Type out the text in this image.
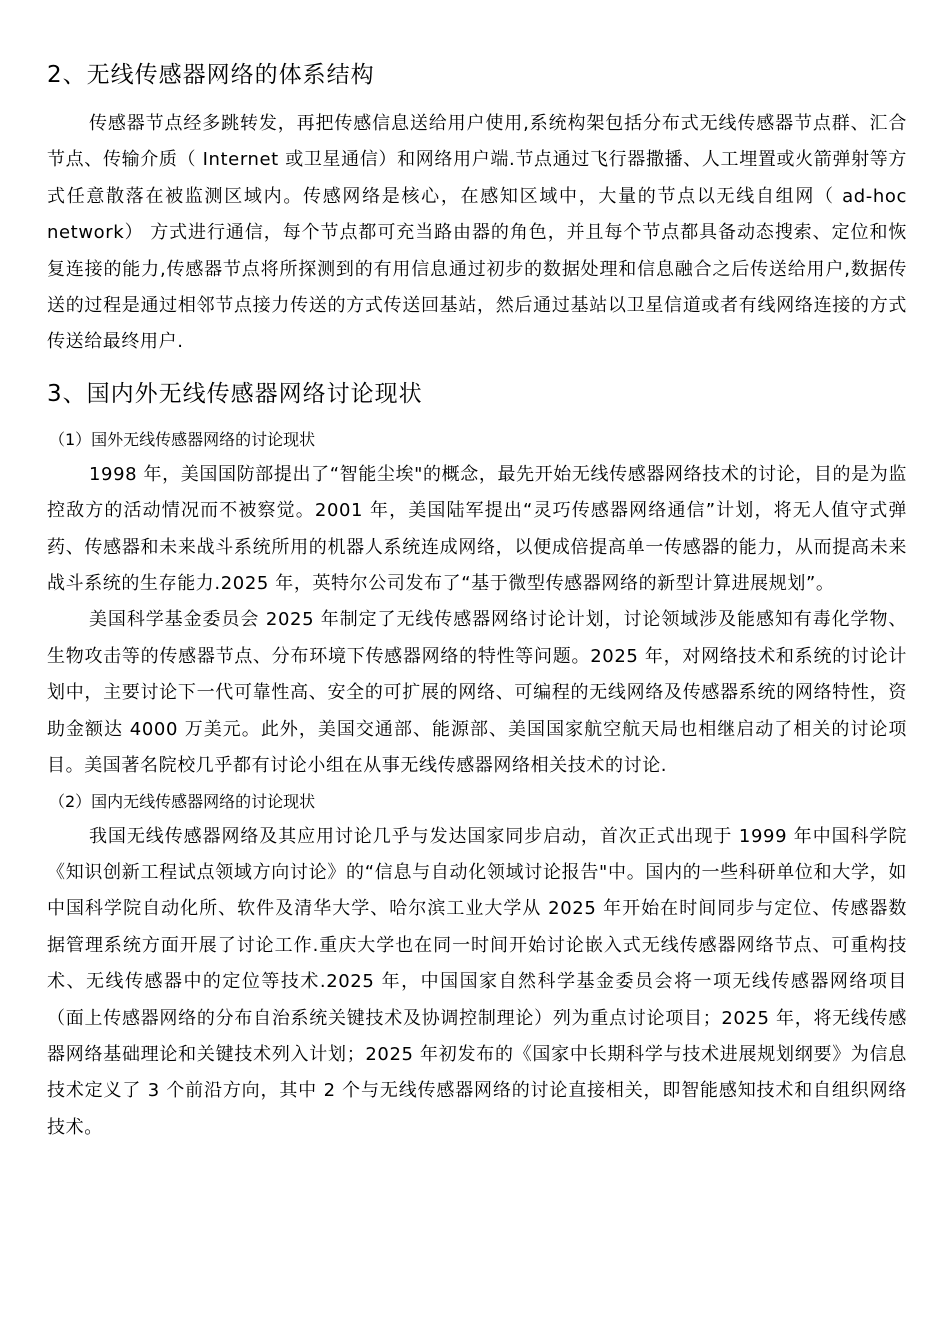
2、无线传感器网络的体系结构

传感器节点经多跳转发，再把传感信息送给用户使用,系统构架包括分布式无线传感器节点群、汇合节点、传输介质（ Internet 或卫星通信）和网络用户端.节点通过飞行器撒播、人工埋置或火箭弹射等方式任意散落在被监测区域内。传感网络是核心，在感知区域中，大量的节点以无线自组网（ ad-hoc network） 方式进行通信，每个节点都可充当路由器的角色，并且每个节点都具备动态搜索、定位和恢复连接的能力,传感器节点将所探测到的有用信息通过初步的数据处理和信息融合之后传送给用户,数据传送的过程是通过相邻节点接力传送的方式传送回基站，然后通过基站以卫星信道或者有线网络连接的方式传送给最终用户.

3、国内外无线传感器网络讨论现状
（1）国外无线传感器网络的讨论现状

1998 年，美国国防部提出了“智能尘埃"的概念，最先开始无线传感器网络技术的讨论，目的是为监控敌方的活动情况而不被察觉。2001 年，美国陆军提出“灵巧传感器网络通信”计划，将无人值守式弹药、传感器和未来战斗系统所用的机器人系统连成网络，以便成倍提高单一传感器的能力，从而提高未来战斗系统的生存能力.2025 年，英特尔公司发布了“基于微型传感器网络的新型计算进展规划”。

美国科学基金委员会 2025 年制定了无线传感器网络讨论计划，讨论领域涉及能感知有毒化学物、生物攻击等的传感器节点、分布环境下传感器网络的特性等问题。2025 年，对网络技术和系统的讨论计划中，主要讨论下一代可靠性高、安全的可扩展的网络、可编程的无线网络及传感器系统的网络特性，资助金额达 4000 万美元。此外，美国交通部、能源部、美国国家航空航天局也相继启动了相关的讨论项目。美国著名院校几乎都有讨论小组在从事无线传感器网络相关技术的讨论.

（2）国内无线传感器网络的讨论现状

我国无线传感器网络及其应用讨论几乎与发达国家同步启动，首次正式出现于 1999 年中国科学院《知识创新工程试点领域方向讨论》的“信息与自动化领域讨论报告"中。国内的一些科研单位和大学，如中国科学院自动化所、软件及清华大学、哈尔滨工业大学从 2025 年开始在时间同步与定位、传感器数据管理系统方面开展了讨论工作.重庆大学也在同一时间开始讨论嵌入式无线传感器网络节点、可重构技术、无线传感器中的定位等技术.2025 年，中国国家自然科学基金委员会将一项无线传感器网络项目（面上传感器网络的分布自治系统关键技术及协调控制理论）列为重点讨论项目；2025 年，将无线传感器网络基础理论和关键技术列入计划；2025 年初发布的《国家中长期科学与技术进展规划纲要》为信息技术定义了 3 个前沿方向，其中 2 个与无线传感器网络的讨论直接相关，即智能感知技术和自组织网络技术。
